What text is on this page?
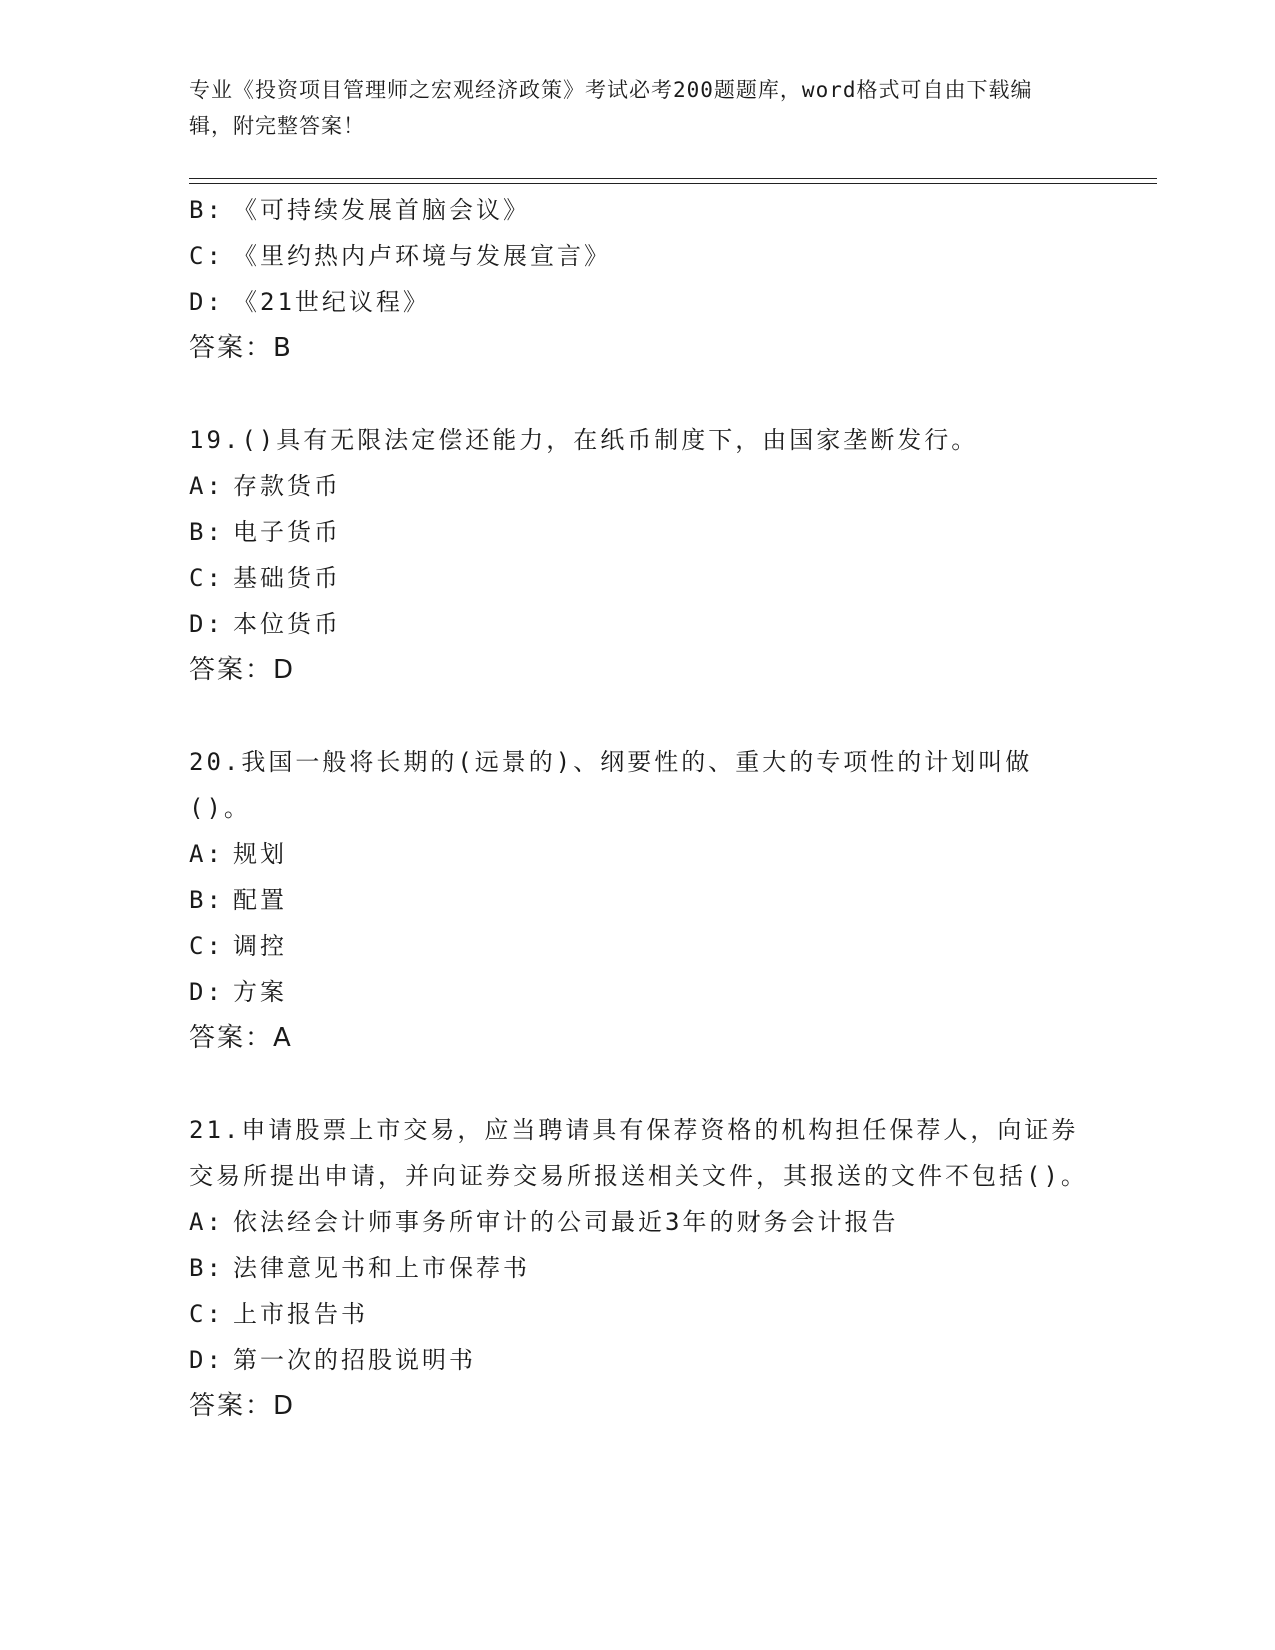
专业《投资项目管理师之宏观经济政策》考试必考200题题库，word格式可自由下载编辑，附完整答案！
B: 《可持续发展首脑会议》
C: 《里约热内卢环境与发展宣言》
D: 《21世纪议程》
答案：B
19.()具有无限法定偿还能力，在纸币制度下，由国家垄断发行。
A: 存款货币
B: 电子货币
C: 基础货币
D: 本位货币
答案：D
20.我国一般将长期的(远景的)、纲要性的、重大的专项性的计划叫做()。
A: 规划
B: 配置
C: 调控
D: 方案
答案：A
21.申请股票上市交易，应当聘请具有保荐资格的机构担任保荐人，向证券交易所提出申请，并向证券交易所报送相关文件，其报送的文件不包括()。
A: 依法经会计师事务所审计的公司最近3年的财务会计报告
B: 法律意见书和上市保荐书
C: 上市报告书
D: 第一次的招股说明书
答案：D
